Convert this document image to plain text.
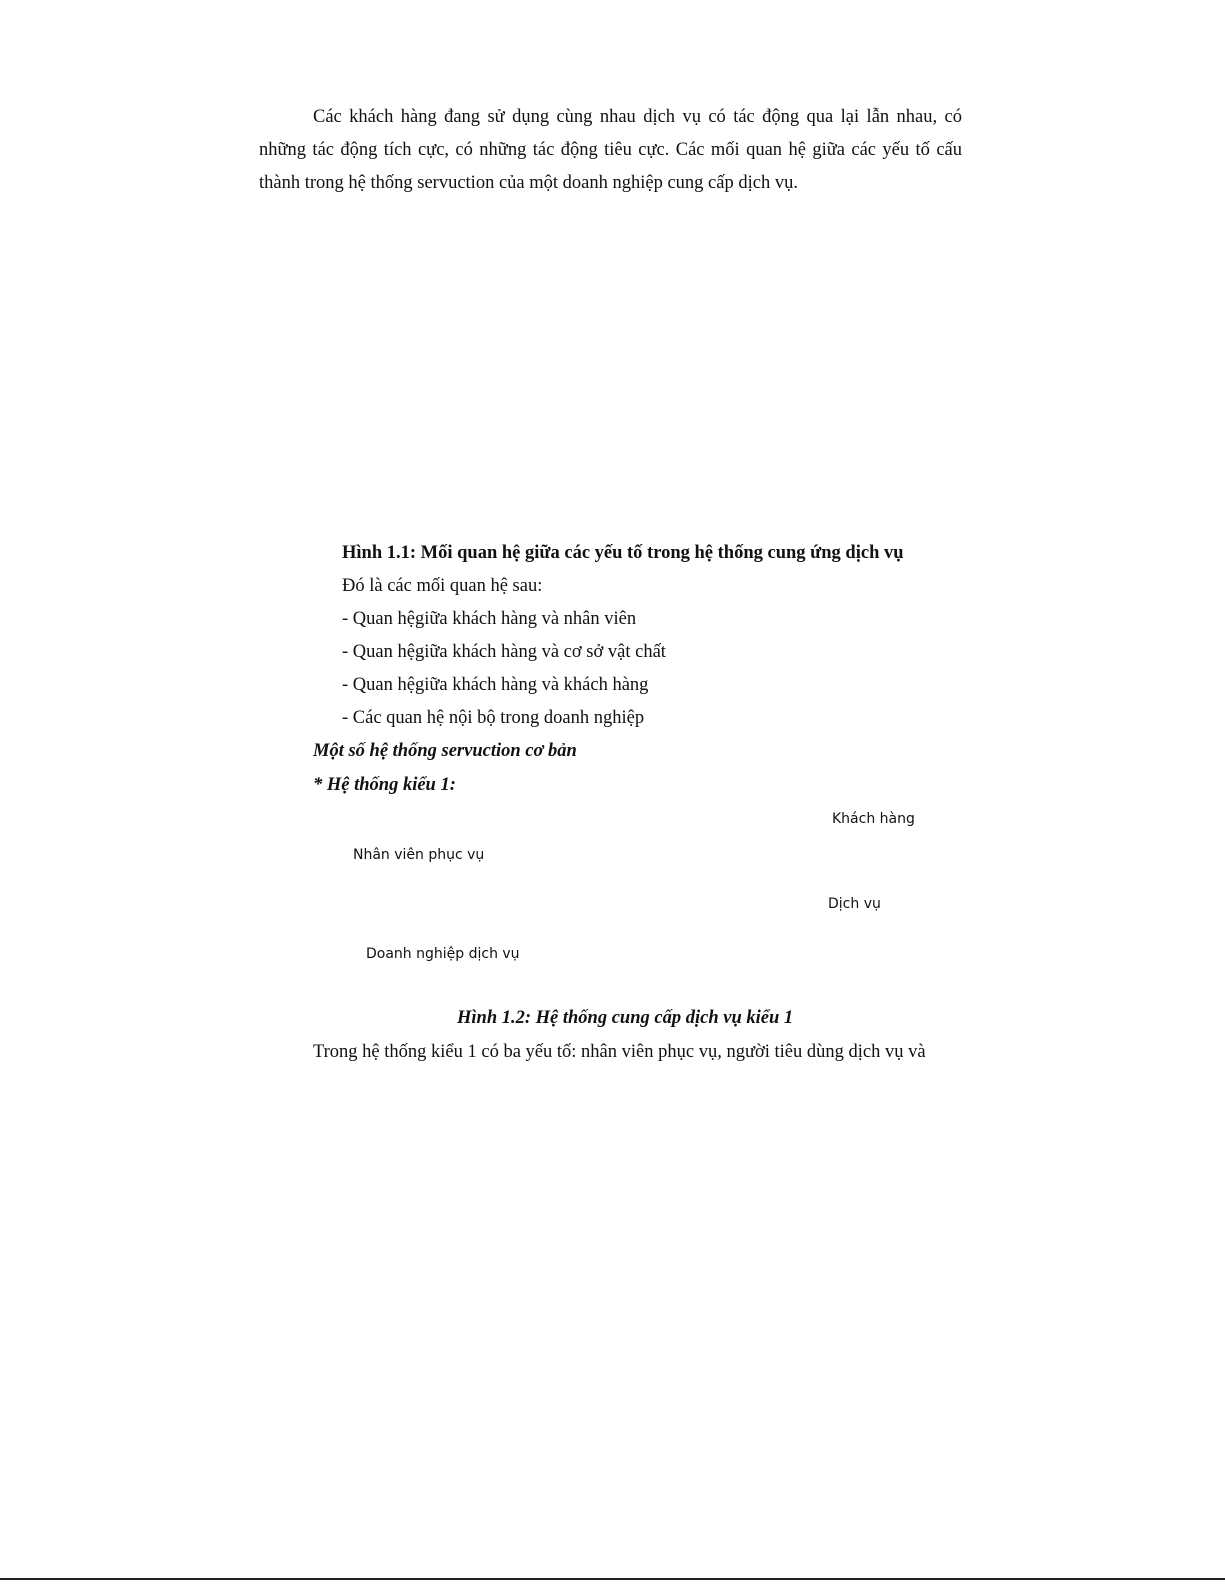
Các khách hàng đang sử dụng cùng nhau dịch vụ có tác động qua lại lẫn nhau, có những tác động tích cực, có những tác động tiêu cực. Các mối quan hệ giữa các yếu tố cấu thành trong hệ thống servuction của một doanh nghiệp cung cấp dịch vụ.

Hình 1.1: Mối quan hệ giữa các yếu tố trong hệ thống cung ứng dịch vụ

Đó là các mối quan hệ sau:

- Quan hệgiữa khách hàng và nhân viên

- Quan hệgiữa khách hàng và cơ sở vật chất

- Quan hệgiữa khách hàng và khách hàng

- Các quan hệ nội bộ trong doanh nghiệp

Một số hệ thống servuction cơ bản

* Hệ thống kiểu 1:

Khách hàng
Nhân viên phục vụ
Dịch vụ
Doanh nghiệp dịch vụ

Hình 1.2: Hệ thống cung cấp dịch vụ kiểu 1

Trong hệ thống kiểu 1 có ba yếu tố: nhân viên phục vụ, người tiêu dùng dịch vụ và
